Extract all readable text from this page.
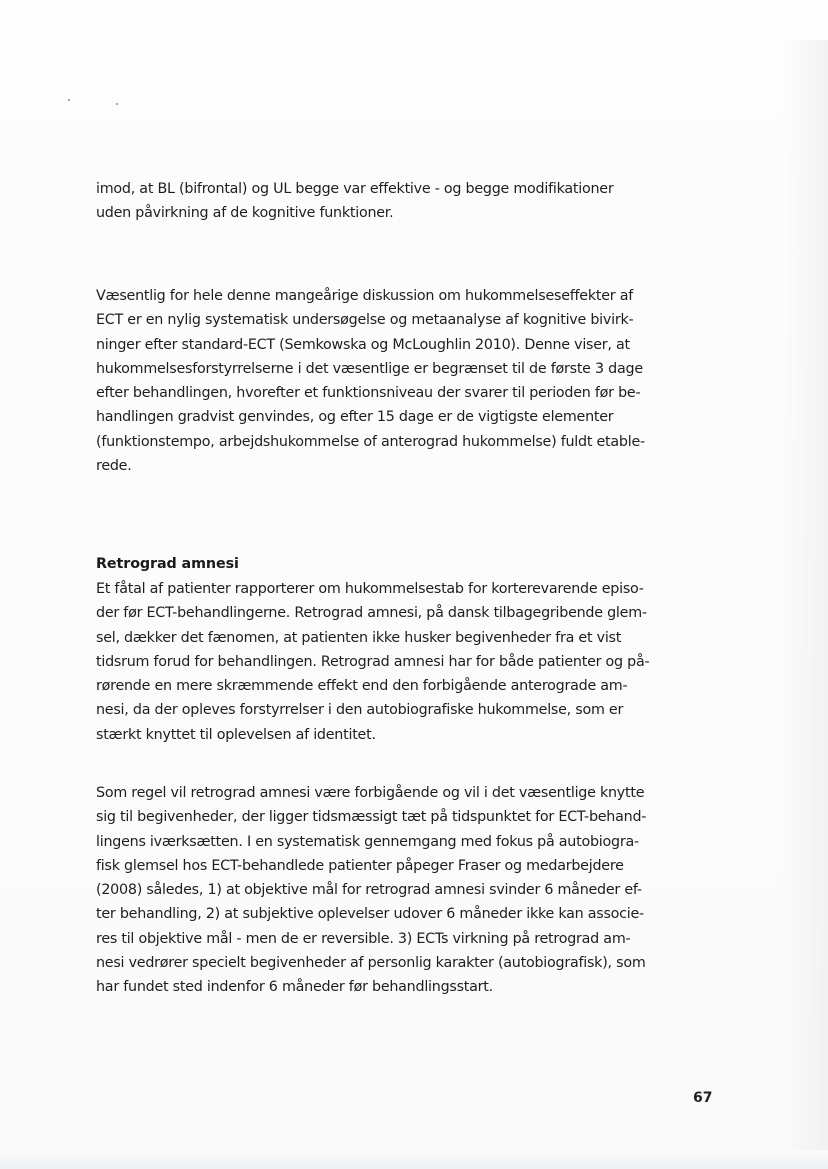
imod, at BL (bifrontal) og UL begge var effektive - og begge modifikationer
uden påvirkning af de kognitive funktioner.
Væsentlig for hele denne mangeårige diskussion om hukommelseseffekter af
ECT er en nylig systematisk undersøgelse og metaanalyse af kognitive bivirk-
ninger efter standard-ECT (Semkowska og McLoughlin 2010). Denne viser, at
hukommelsesforstyrrelserne i det væsentlige er begrænset til de første 3 dage
efter behandlingen, hvorefter et funktionsniveau der svarer til perioden før be-
handlingen gradvist genvindes, og efter 15 dage er de vigtigste elementer
(funktionstempo, arbejdshukommelse of anterograd hukommelse) fuldt etable-
rede.
Retrograd amnesi
Et fåtal af patienter rapporterer om hukommelsestab for korterevarende episo-
der før ECT-behandlingerne. Retrograd amnesi, på dansk tilbagegribende glem-
sel, dækker det fænomen, at patienten ikke husker begivenheder fra et vist
tidsrum forud for behandlingen. Retrograd amnesi har for både patienter og på-
rørende en mere skræmmende effekt end den forbigående anterograde am-
nesi, da der opleves forstyrrelser i den autobiografiske hukommelse, som er
stærkt knyttet til oplevelsen af identitet.
Som regel vil retrograd amnesi være forbigående og vil i det væsentlige knytte
sig til begivenheder, der ligger tidsmæssigt tæt på tidspunktet for ECT-behand-
lingens iværksætten. I en systematisk gennemgang med fokus på autobiogra-
fisk glemsel hos ECT-behandlede patienter påpeger Fraser og medarbejdere
(2008) således, 1) at objektive mål for retrograd amnesi svinder 6 måneder ef-
ter behandling, 2) at subjektive oplevelser udover 6 måneder ikke kan associe-
res til objektive mål - men de er reversible. 3) ECTs virkning på retrograd am-
nesi vedrører specielt begivenheder af personlig karakter (autobiografisk), som
har fundet sted indenfor 6 måneder før behandlingsstart.
67
